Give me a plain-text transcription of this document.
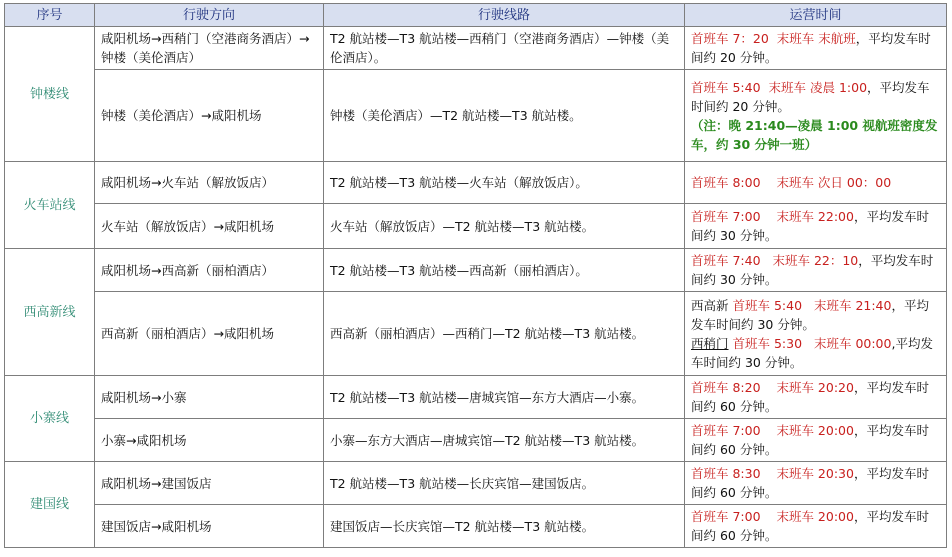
序号	行驶方向	行驶线路	运营时间
钟楼线	咸阳机场→西稍门（空港商务酒店）→钟楼（美伦酒店）	T2 航站楼—T3 航站楼—西稍门（空港商务酒店）—钟楼（美伦酒店）。	首班车 7：20 末班车 末航班，平均发车时间约 20 分钟。
	钟楼（美伦酒店）→咸阳机场	钟楼（美伦酒店）—T2 航站楼—T3 航站楼。	首班车 5:40 末班车 凌晨 1:00，平均发车时间约 20 分钟。
（注：晚 21:40—凌晨 1:00 视航班密度发车，约 30 分钟一班）
火车站线	咸阳机场→火车站（解放饭店）	T2 航站楼—T3 航站楼—火车站（解放饭店）。	首班车 8:00 末班车 次日 00：00
	火车站（解放饭店）→咸阳机场	火车站（解放饭店）—T2 航站楼—T3 航站楼。	首班车 7:00 末班车 22:00，平均发车时间约 30 分钟。
西高新线	咸阳机场→西高新（丽柏酒店）	T2 航站楼—T3 航站楼—西高新（丽柏酒店）。	首班车 7:40 末班车 22：10，平均发车时间约 30 分钟。
	西高新（丽柏酒店）→咸阳机场	西高新（丽柏酒店）—西稍门—T2 航站楼—T3 航站楼。	西高新 首班车 5:40 末班车 21:40，平均发车时间约 30 分钟。
西稍门 首班车 5:30 末班车 00:00,平均发车时间约 30 分钟。
小寨线	咸阳机场→小寨	T2 航站楼—T3 航站楼—唐城宾馆—东方大酒店—小寨。	首班车 8:20 末班车 20:20，平均发车时间约 60 分钟。
	小寨→咸阳机场	小寨—东方大酒店—唐城宾馆—T2 航站楼—T3 航站楼。	首班车 7:00 末班车 20:00，平均发车时间约 60 分钟。
建国线	咸阳机场→建国饭店	T2 航站楼—T3 航站楼—长庆宾馆—建国饭店。	首班车 8:30 末班车 20:30，平均发车时间约 60 分钟。
	建国饭店→咸阳机场	建国饭店—长庆宾馆—T2 航站楼—T3 航站楼。	首班车 7:00 末班车 20:00，平均发车时间约 60 分钟。
